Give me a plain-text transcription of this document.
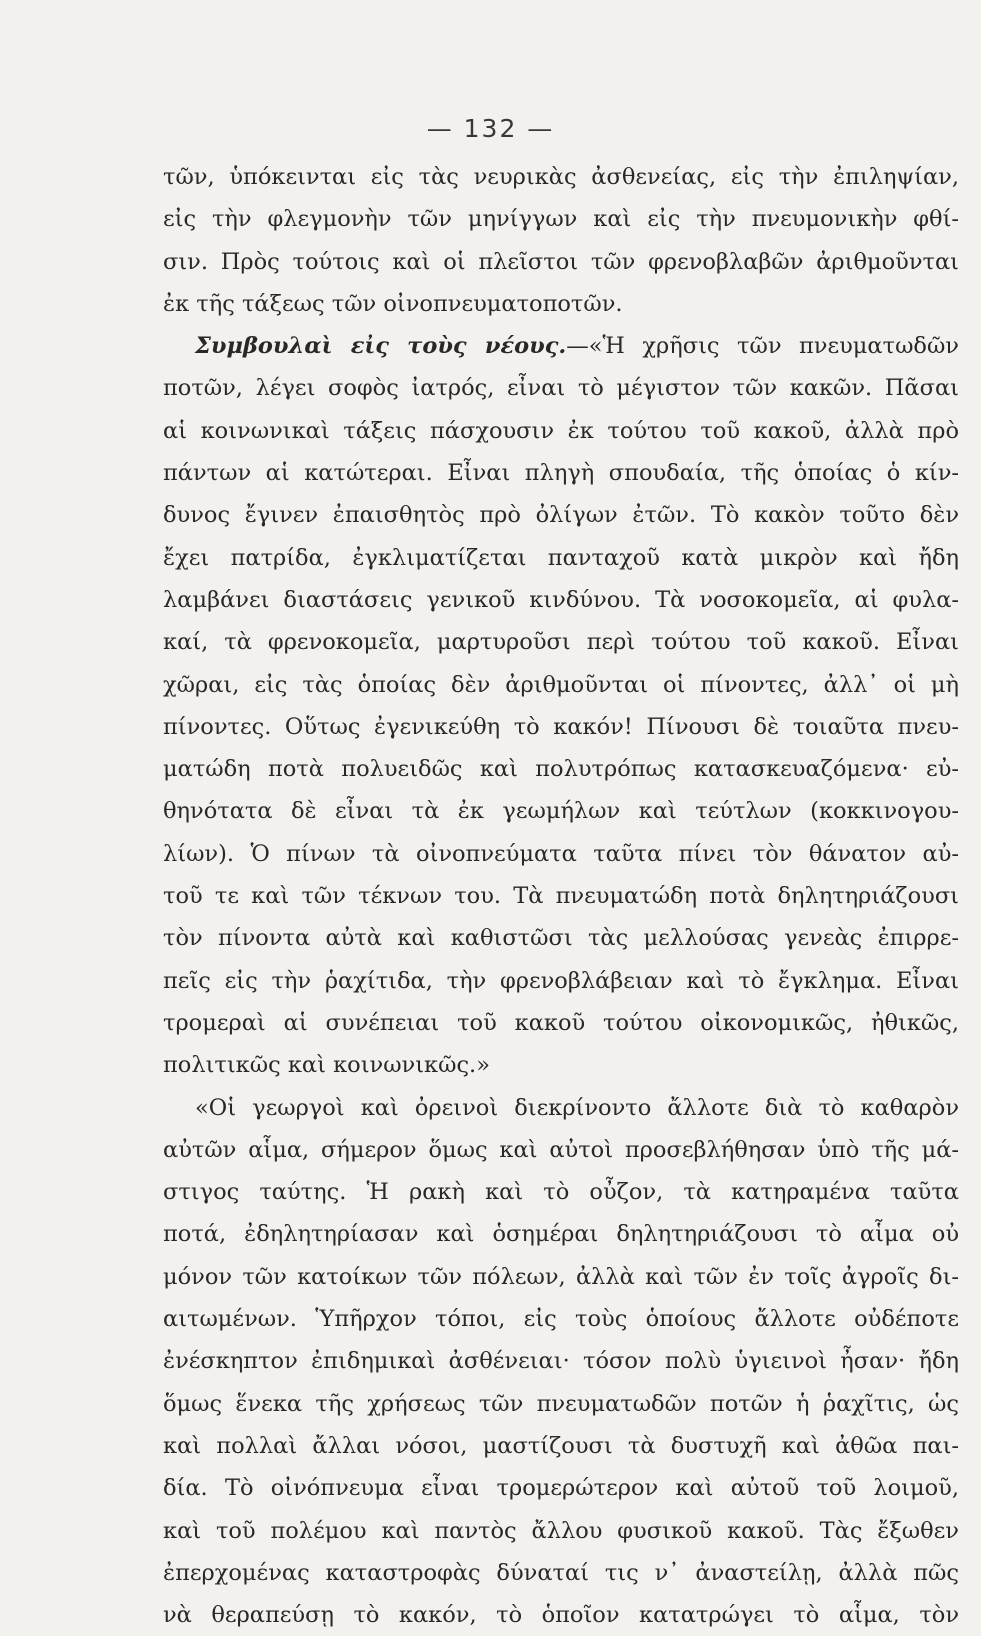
— 132 —
τῶν, ὑπόκεινται εἰς τὰς νευρικὰς ἀσθενείας, εἰς τὴν ἐπιληψίαν,
εἰς τὴν φλεγμονὴν τῶν μηνίγγων καὶ εἰς τὴν πνευμονικὴν φθί-
σιν. Πρὸς τούτοις καὶ οἱ πλεῖστοι τῶν φρενοβλαβῶν ἀριθμοῦνται
ἐκ τῆς τάξεως τῶν οἰνοπνευματοποτῶν.
Συμβουλαὶ εἰς τοὺς νέους.—«Ἡ χρῆσις τῶν πνευματωδῶν
ποτῶν, λέγει σοφὸς ἰατρός, εἶναι τὸ μέγιστον τῶν κακῶν. Πᾶσαι
αἱ κοινωνικαὶ τάξεις πάσχουσιν ἐκ τούτου τοῦ κακοῦ, ἀλλὰ πρὸ
πάντων αἱ κατώτεραι. Εἶναι πληγὴ σπουδαία, τῆς ὁποίας ὁ κίν-
δυνος ἔγινεν ἐπαισθητὸς πρὸ ὀλίγων ἐτῶν. Τὸ κακὸν τοῦτο δὲν
ἔχει πατρίδα, ἐγκλιματίζεται πανταχοῦ κατὰ μικρὸν καὶ ἤδη
λαμβάνει διαστάσεις γενικοῦ κινδύνου. Τὰ νοσοκομεῖα, αἱ φυλα-
καί, τὰ φρενοκομεῖα, μαρτυροῦσι περὶ τούτου τοῦ κακοῦ. Εἶναι
χῶραι, εἰς τὰς ὁποίας δὲν ἀριθμοῦνται οἱ πίνοντες, ἀλλ᾽ οἱ μὴ
πίνοντες. Οὕτως ἐγενικεύθη τὸ κακόν! Πίνουσι δὲ τοιαῦτα πνευ-
ματώδη ποτὰ πολυειδῶς καὶ πολυτρόπως κατασκευαζόμενα· εὐ-
θηνότατα δὲ εἶναι τὰ ἐκ γεωμήλων καὶ τεύτλων (κοκκινογου-
λίων). Ὁ πίνων τὰ οἰνοπνεύματα ταῦτα πίνει τὸν θάνατον αὐ-
τοῦ τε καὶ τῶν τέκνων του. Τὰ πνευματώδη ποτὰ δηλητηριάζουσι
τὸν πίνοντα αὐτὰ καὶ καθιστῶσι τὰς μελλούσας γενεὰς ἐπιρρε-
πεῖς εἰς τὴν ῥαχίτιδα, τὴν φρενοβλάβειαν καὶ τὸ ἔγκλημα. Εἶναι
τρομεραὶ αἱ συνέπειαι τοῦ κακοῦ τούτου οἰκονομικῶς, ἠθικῶς,
πολιτικῶς καὶ κοινωνικῶς.»
«Οἱ γεωργοὶ καὶ ὀρεινοὶ διεκρίνοντο ἄλλοτε διὰ τὸ καθαρὸν
αὐτῶν αἷμα, σήμερον ὅμως καὶ αὐτοὶ προσεβλήθησαν ὑπὸ τῆς μά-
στιγος ταύτης. Ἡ ρακὴ καὶ τὸ οὖζον, τὰ κατηραμένα ταῦτα
ποτά, ἐδηλητηρίασαν καὶ ὁσημέραι δηλητηριάζουσι τὸ αἷμα οὐ
μόνον τῶν κατοίκων τῶν πόλεων, ἀλλὰ καὶ τῶν ἐν τοῖς ἀγροῖς δι-
αιτωμένων. Ὑπῆρχον τόποι, εἰς τοὺς ὁποίους ἄλλοτε οὐδέποτε
ἐνέσκηπτον ἐπιδημικαὶ ἀσθένειαι· τόσον πολὺ ὑγιεινοὶ ἦσαν· ἤδη
ὅμως ἕνεκα τῆς χρήσεως τῶν πνευματωδῶν ποτῶν ἡ ῥαχῖτις, ὡς
καὶ πολλαὶ ἄλλαι νόσοι, μαστίζουσι τὰ δυστυχῆ καὶ ἀθῶα παι-
δία. Τὸ οἰνόπνευμα εἶναι τρομερώτερον καὶ αὐτοῦ τοῦ λοιμοῦ,
καὶ τοῦ πολέμου καὶ παντὸς ἄλλου φυσικοῦ κακοῦ. Τὰς ἔξωθεν
ἐπερχομένας καταστροφὰς δύναταί τις ν᾽ ἀναστείλῃ, ἀλλὰ πῶς
νὰ θεραπεύσῃ τὸ κακόν, τὸ ὁποῖον κατατρώγει τὸ αἷμα, τὸν
